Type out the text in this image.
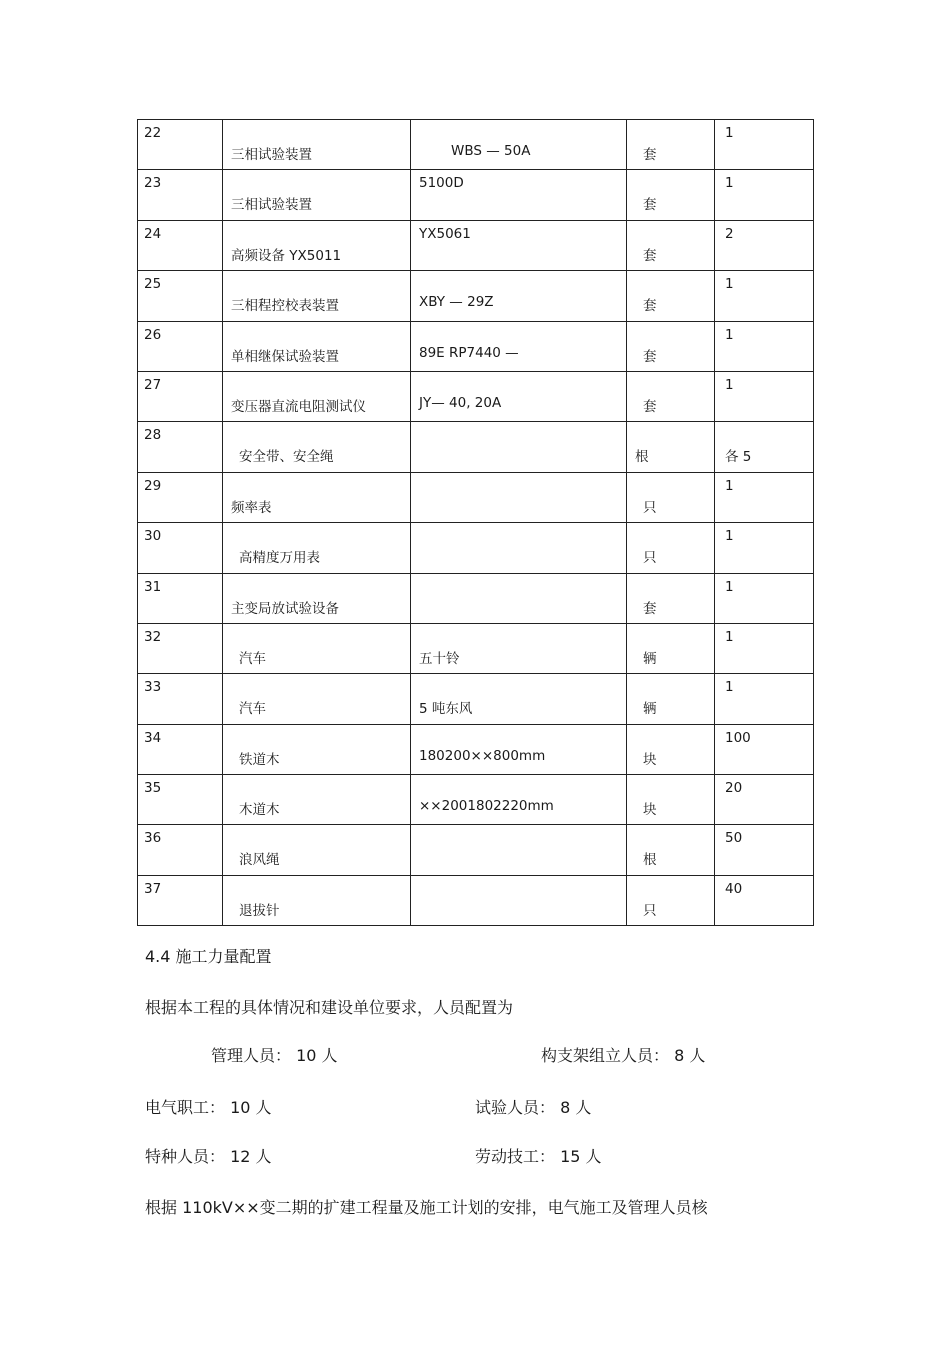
22	三相试验装置	WBS — 50A	套	1

23	三相试验装置	5100D	套	1

24	高频设备 YX5011	YX5061	套	2

25	三相程控校表装置	XBY — 29Z	套	1

26	单相继保试验装置	89E RP7440 —	套	1

27	变压器直流电阻测试仪	JY— 40, 20A	套	1

28	安全带、安全绳		根	各 5

29	频率表		只	1

30	高精度万用表		只	1

31	主变局放试验设备		套	1

32	汽车	五十铃	辆	1

33	汽车	5 吨东风	辆	1

34	铁道木	180200××800mm	块	100

35	木道木	××2001802220mm	块	20

36	浪风绳		根	50

37	退拔针		只	40
4.4 施工力量配置
根据本工程的具体情况和建设单位要求，人员配置为
管理人员： 10 人	构支架组立人员： 8 人
电气职工： 10 人	试验人员： 8 人
特种人员： 12 人	劳动技工： 15 人
根据 110kV××变二期的扩建工程量及施工计划的安排，电气施工及管理人员核
